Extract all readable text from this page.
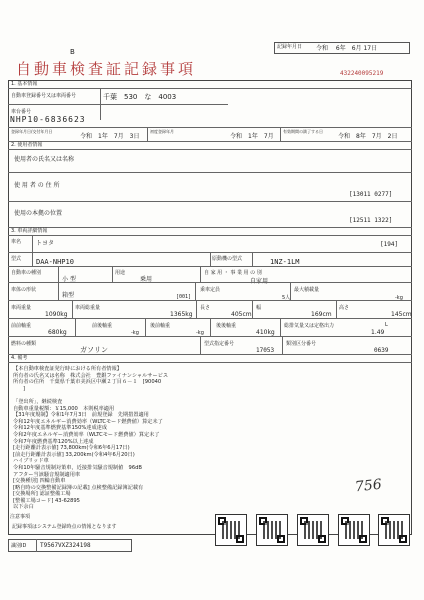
記録年月日 令和　 6年　6月 17日
B
自動車検査証記録事項	432240095219
1. 基本情報
自動車登録番号又は車両番号	千葉　530　な　4003
車台番号
NHP10-6836623
登録年月日/交付年月日
令和　1年　7月　3日
初度登録年月
令和　1年　7月
有効期間の満了する日
令和　8年　7月　2日
2. 使用者情報
使用者の氏名又は名称
使 用 者 の 住 所
[13011 0277]
使用の本拠の位置
[12511 1322]
3. 車両詳細情報
車名 トヨタ	[194]
型式 DAA-NHP10	原動機の型式	1NZ-1LM
自動車の種別
小 型
用途
乗用
自 家 用 ・ 事 業 用 の 別
自家用
車体の形状
箱型	[001]
乗車定員
5人
最大積載量
-kg
車両重量
1090kg
車両総重量
1365kg
長さ
405cm
幅
169cm
高さ
145cm
前前軸重
680kg
前後軸重
-kg
後前軸重
-kg
後後軸重
410kg
総排気量又は定格出力
1.49
L
燃料の種類
ガソリン
型式指定番号
17053
類別区分番号
0639
4. 備考
【本自動車検査証発行時における所有者情報】
所有者の氏名又は名称　株式会社　豊銀ファイナンシャルサービス
所有者の住所　千葉県千葉市美浜区中瀬２丁目６－１　[90040
]

「登出所」，継続検査
自動車重量税額：￥15,000　本則税率適用
【31年度規制】令和1年7月3日　前規登録　先期措置適用
令和12年度エネルギー消費効率（WLTCモード燃費値）算定未了
令和12年度基準燃費基準150%達成達成
令和2年度エネルギー消費効率（WLTCモード燃費値）算定未了
令和7年度燃費基準120%以上達成
[走行距離計表示値] 73,800km(令和6年6月17日)
[前走行距離計表示値] 33,200km(令和4年6月20日)
ハイブリッド車
令和10年騒音規制対策車，近接排気騒音規制値　96dB
アフター当該騒音規制適用車
[交換種別] 四輪自動車
[略自時の交換整備記録簿の記載] 点検整備記録簿記載有
[交換場所] 認証整備工場
[整備工場コード] 43-62895
以下余白
756
注意事項
記録事項はシステム登録時点の情報となります
識別ID T9567VXZ324198
